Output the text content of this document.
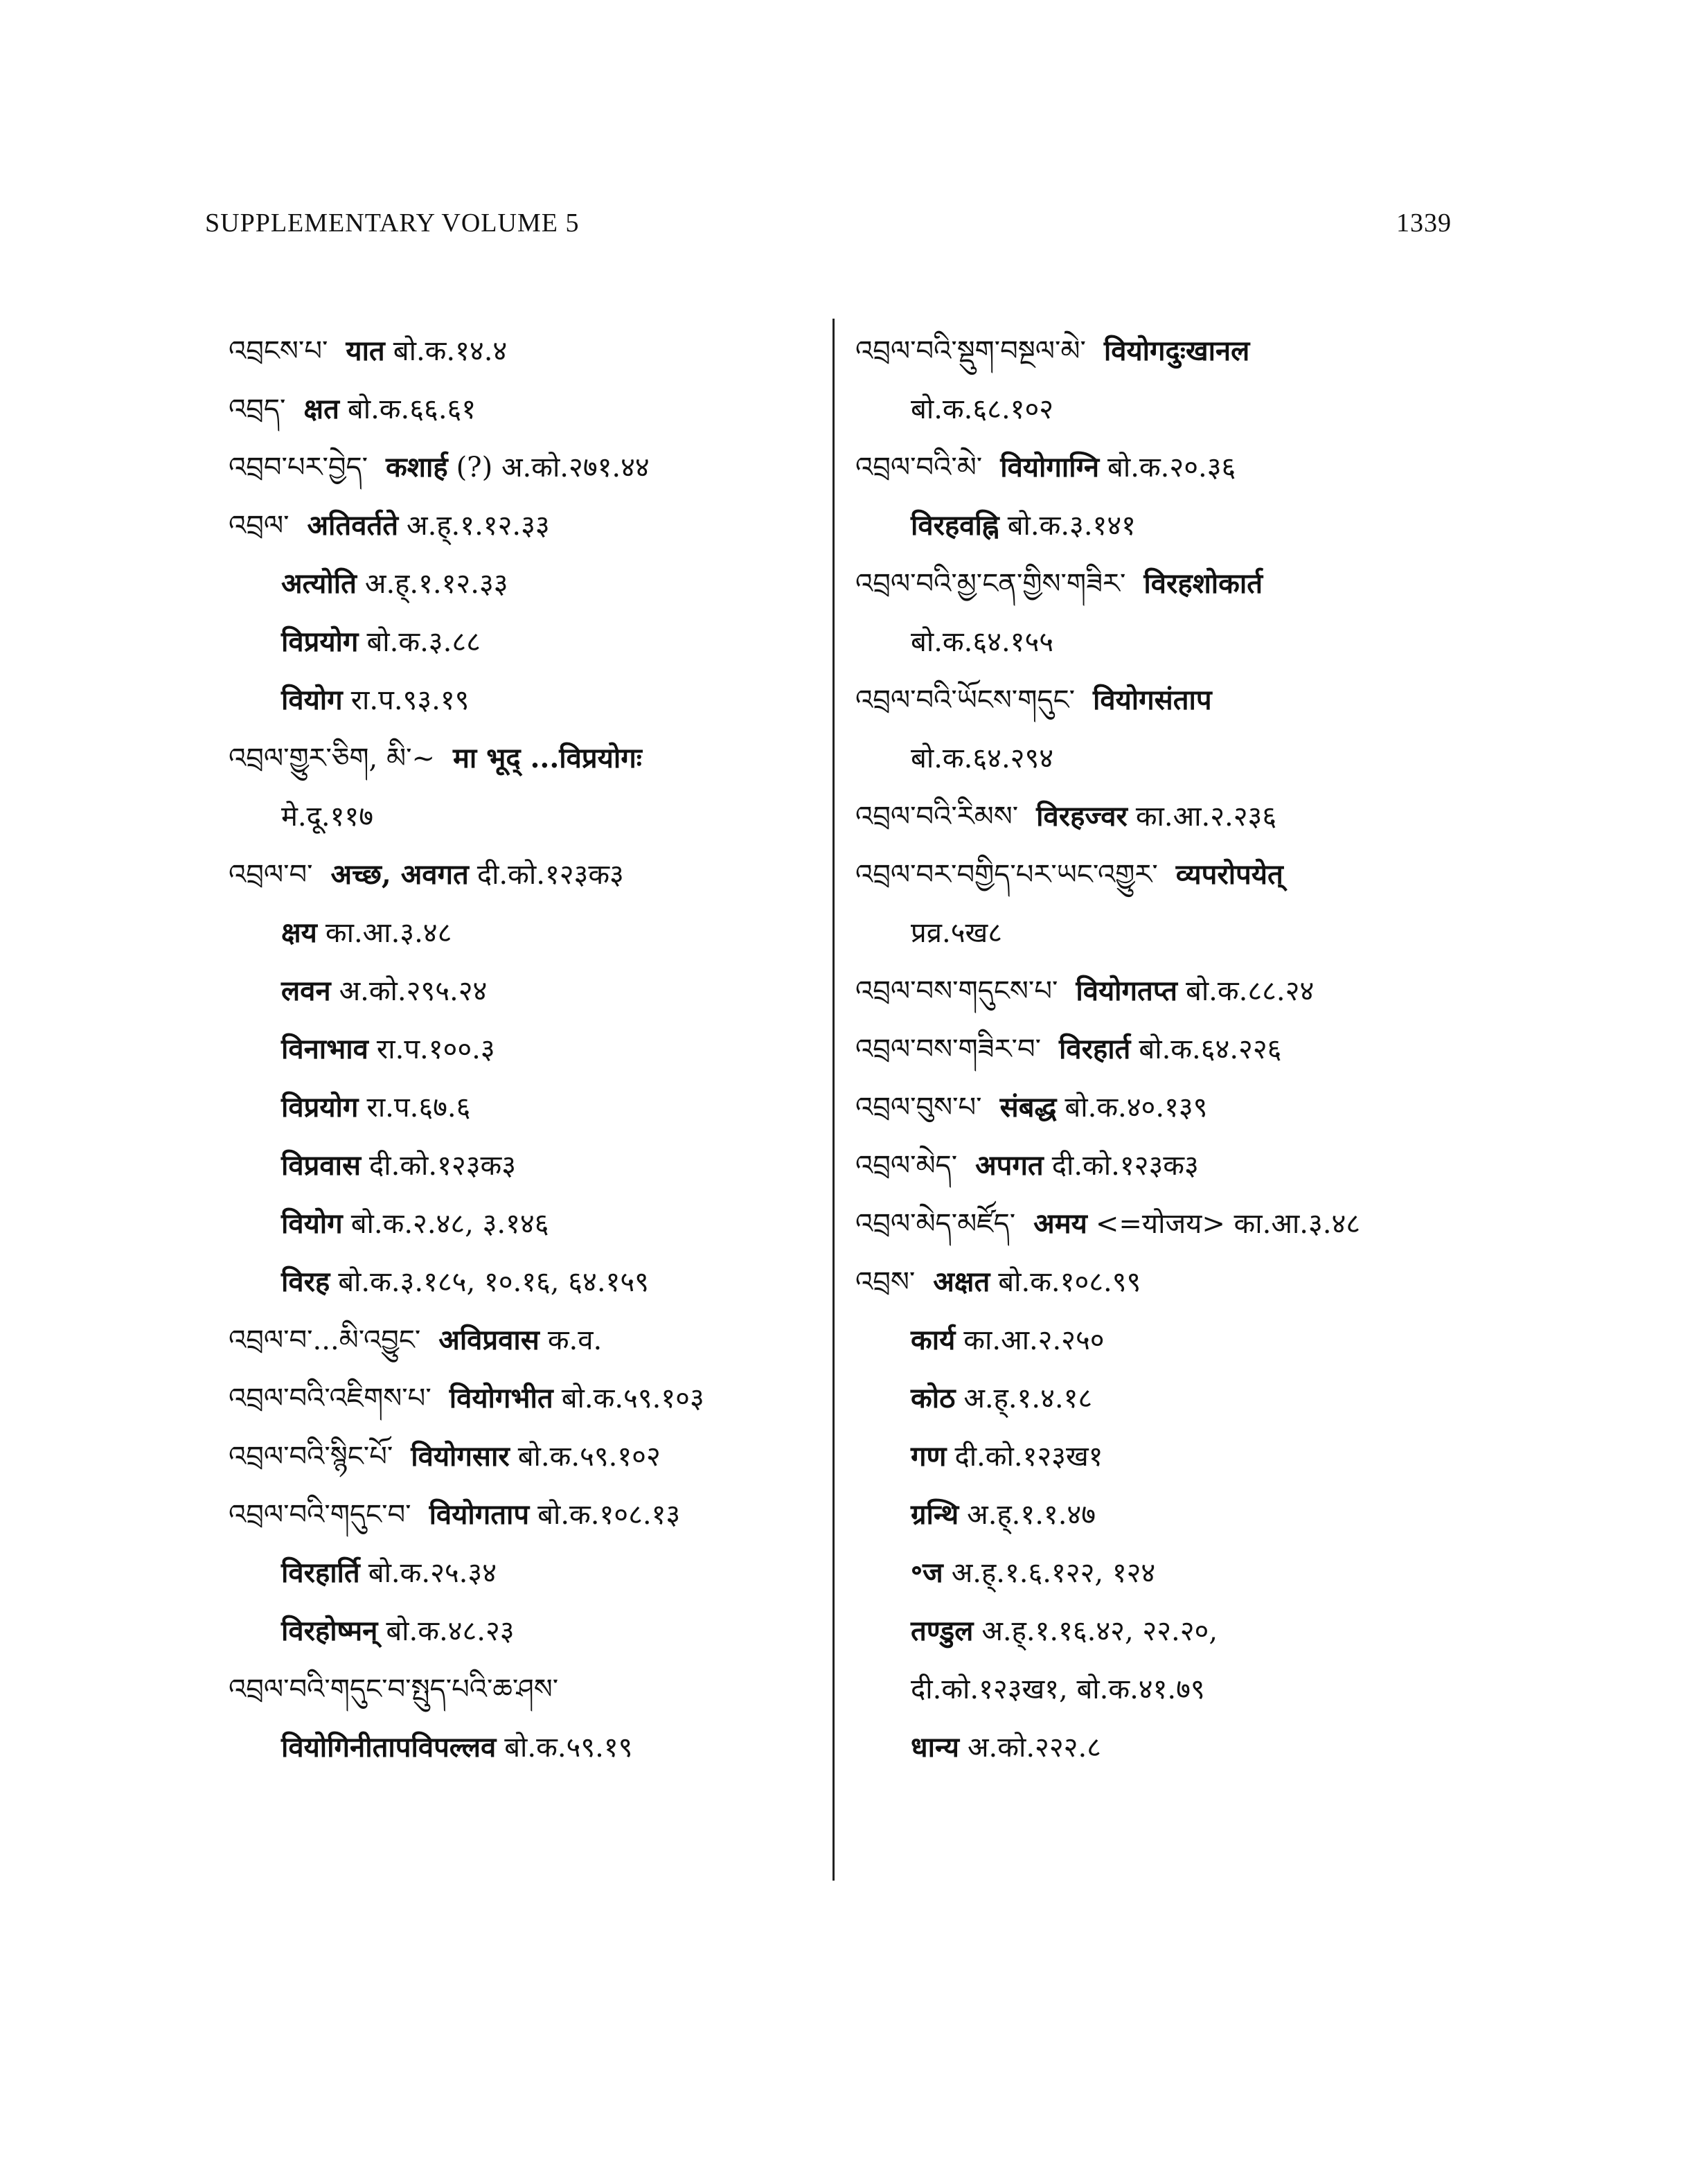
SUPPLEMENTARY VOLUME 5	1339
འབྲངས་པ་ यात बो.क.१४.४
འབྲད་ क्षत बो.क.६६.६१
འབྲབ་པར་བྱེད་ कशार्ह (?) अ.को.२७१.४४
འབྲལ་ अतिवर्तते अ.ह्.१.१२.३३
अत्योति अ.ह्.१.१२.३३
विप्रयोग बो.क.३.८८
वियोग रा.प.९३.१९
འབྲལ་གྱུར་ཅིག, མི་~ मा भूद् ...विप्रयोगः
मे.दू.११७
འབྲལ་བ་ अच्छ, अवगत दी.को.१२३क३
क्षय का.आ.३.४८
लवन अ.को.२९५.२४
विनाभाव रा.प.१००.३
विप्रयोग रा.प.६७.६
विप्रवास दी.को.१२३क३
वियोग बो.क.२.४८, ३.१४६
विरह बो.क.३.१८५, १०.१६, ६४.१५९
འབྲལ་བ་...མི་འབྱུང་ अविप्रवास क.व.
འབྲལ་བའི་འཇིགས་པ་ वियोगभीत बो.क.५९.१०३
འབྲལ་བའི་སྙིང་པོ་ वियोगसार बो.क.५९.१०२
འབྲལ་བའི་གདུང་བ་ वियोगताप बो.क.१०८.१३
विरहार्ति बो.क.२५.३४
विरहोष्मन् बो.क.४८.२३
འབྲལ་བའི་གདུང་བ་སྤུད་པའི་ཆ་ཤས་
वियोगिनीतापविपल्लव बो.क.५९.१९
འབྲལ་བའི་སྡུག་བསྔལ་མེ་ वियोगदुःखानल
बो.क.६८.१०२
འབྲལ་བའི་མེ་ वियोगाग्नि बो.क.२०.३६
विरहवह्नि बो.क.३.१४१
འབྲལ་བའི་མྱ་ངན་གྱིས་གཟིར་ विरहशोकार्त
बो.क.६४.१५५
འབྲལ་བའི་ཡོངས་གདུང་ वियोगसंताप
बो.क.६४.२९४
འབྲལ་བའི་རིམས་ विरहज्वर का.आ.२.२३६
འབྲལ་བར་བགྱིད་པར་ཡང་འགྱུར་ व्यपरोपयेत्
प्रव्र.५ख८
འབྲལ་བས་གདུངས་པ་ वियोगतप्त बो.क.८८.२४
འབྲལ་བས་གཟིར་བ་ विरहार्त बो.क.६४.२२६
འབྲལ་བུས་པ་ संबद्ध बो.क.४०.१३९
འབྲལ་མེད་ अपगत दी.को.१२३क३
འབྲལ་མེད་མཛོད་ अमय <=योजय> का.आ.३.४८
འབྲས་ अक्षत बो.क.१०८.९९
कार्य का.आ.२.२५०
कोठ अ.ह्.१.४.१८
गण दी.को.१२३ख१
ग्रन्थि अ.ह्.१.१.४७
॰ज अ.ह्.१.६.१२२, १२४
तण्डुल अ.ह्.१.१६.४२, २२.२०,
दी.को.१२३ख१, बो.क.४१.७९
धान्य अ.को.२२२.८
